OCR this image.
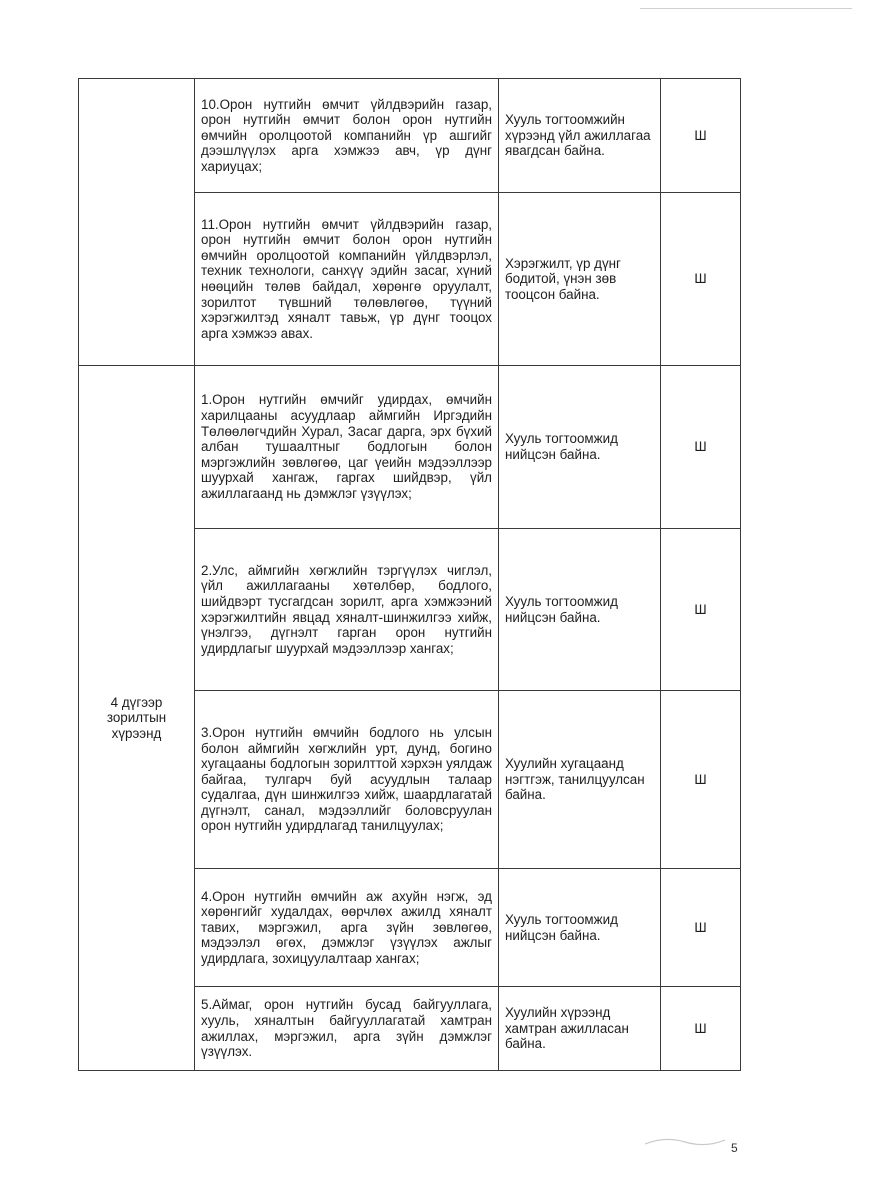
	10.Орон нутгийн өмчит үйлдвэрийн газар, орон нутгийн өмчит болон орон нутгийн өмчийн оролцоотой компанийн үр ашгийг дээшлүүлэх арга хэмжээ авч, үр дүнг хариуцах;	Хууль тогтоомжийн хүрээнд үйл ажиллагаа явагдсан байна.	Ш

	11.Орон нутгийн өмчит үйлдвэрийн газар, орон нутгийн өмчит болон орон нутгийн өмчийн оролцоотой компанийн үйлдвэрлэл, техник технологи, санхүү эдийн засаг, хүний нөөцийн төлөв байдал, хөрөнгө оруулалт, зорилтот түвшний төлөвлөгөө, түүний хэрэгжилтэд хяналт тавьж, үр дүнг тооцох арга хэмжээ авах.	Хэрэгжилт, үр дүнг бодитой, үнэн зөв тооцсон байна.	Ш
4 дүгээр зорилтын хүрээнд	1.Орон нутгийн өмчийг удирдах, өмчийн харилцааны асуудлаар аймгийн Иргэдийн Төлөөлөгчдийн Хурал, Засаг дарга, эрх бүхий албан тушаалтныг бодлогын болон мэргэжлийн зөвлөгөө, цаг үеийн мэдээллээр шуурхай хангаж, гаргах шийдвэр, үйл ажиллагаанд нь дэмжлэг үзүүлэх;	Хууль тогтоомжид нийцсэн байна.	Ш

	2.Улс, аймгийн хөгжлийн тэргүүлэх чиглэл, үйл ажиллагааны хөтөлбөр, бодлого, шийдвэрт тусгагдсан зорилт, арга хэмжээний хэрэгжилтийн явцад хяналт-шинжилгээ хийж, үнэлгээ, дүгнэлт гарган орон нутгийн удирдлагыг шуурхай мэдээллээр хангах;	Хууль тогтоомжид нийцсэн байна.	Ш

	3.Орон нутгийн өмчийн бодлого нь улсын болон аймгийн хөгжлийн урт, дунд, богино хугацааны бодлогын зорилттой хэрхэн уялдаж байгаа, тулгарч буй асуудлын талаар судалгаа, дүн шинжилгээ хийж, шаардлагатай дүгнэлт, санал, мэдээллийг боловсруулан орон нутгийн удирдлагад танилцуулах;	Хуулийн хугацаанд нэгтгэж, танилцуулсан байна.	Ш

	4.Орон нутгийн өмчийн аж ахуйн нэгж, эд хөрөнгийг худалдах, өөрчлөх ажилд хяналт тавих, мэргэжил, арга зүйн зөвлөгөө, мэдээлэл өгөх, дэмжлэг үзүүлэх ажлыг удирдлага, зохицуулалтаар хангах;	Хууль тогтоомжид нийцсэн байна.	Ш

	5.Аймаг, орон нутгийн бусад байгууллага, хууль, хяналтын байгууллагатай хамтран ажиллах, мэргэжил, арга зүйн дэмжлэг үзүүлэх.	Хуулийн хүрээнд хамтран ажилласан байна.	Ш
5
